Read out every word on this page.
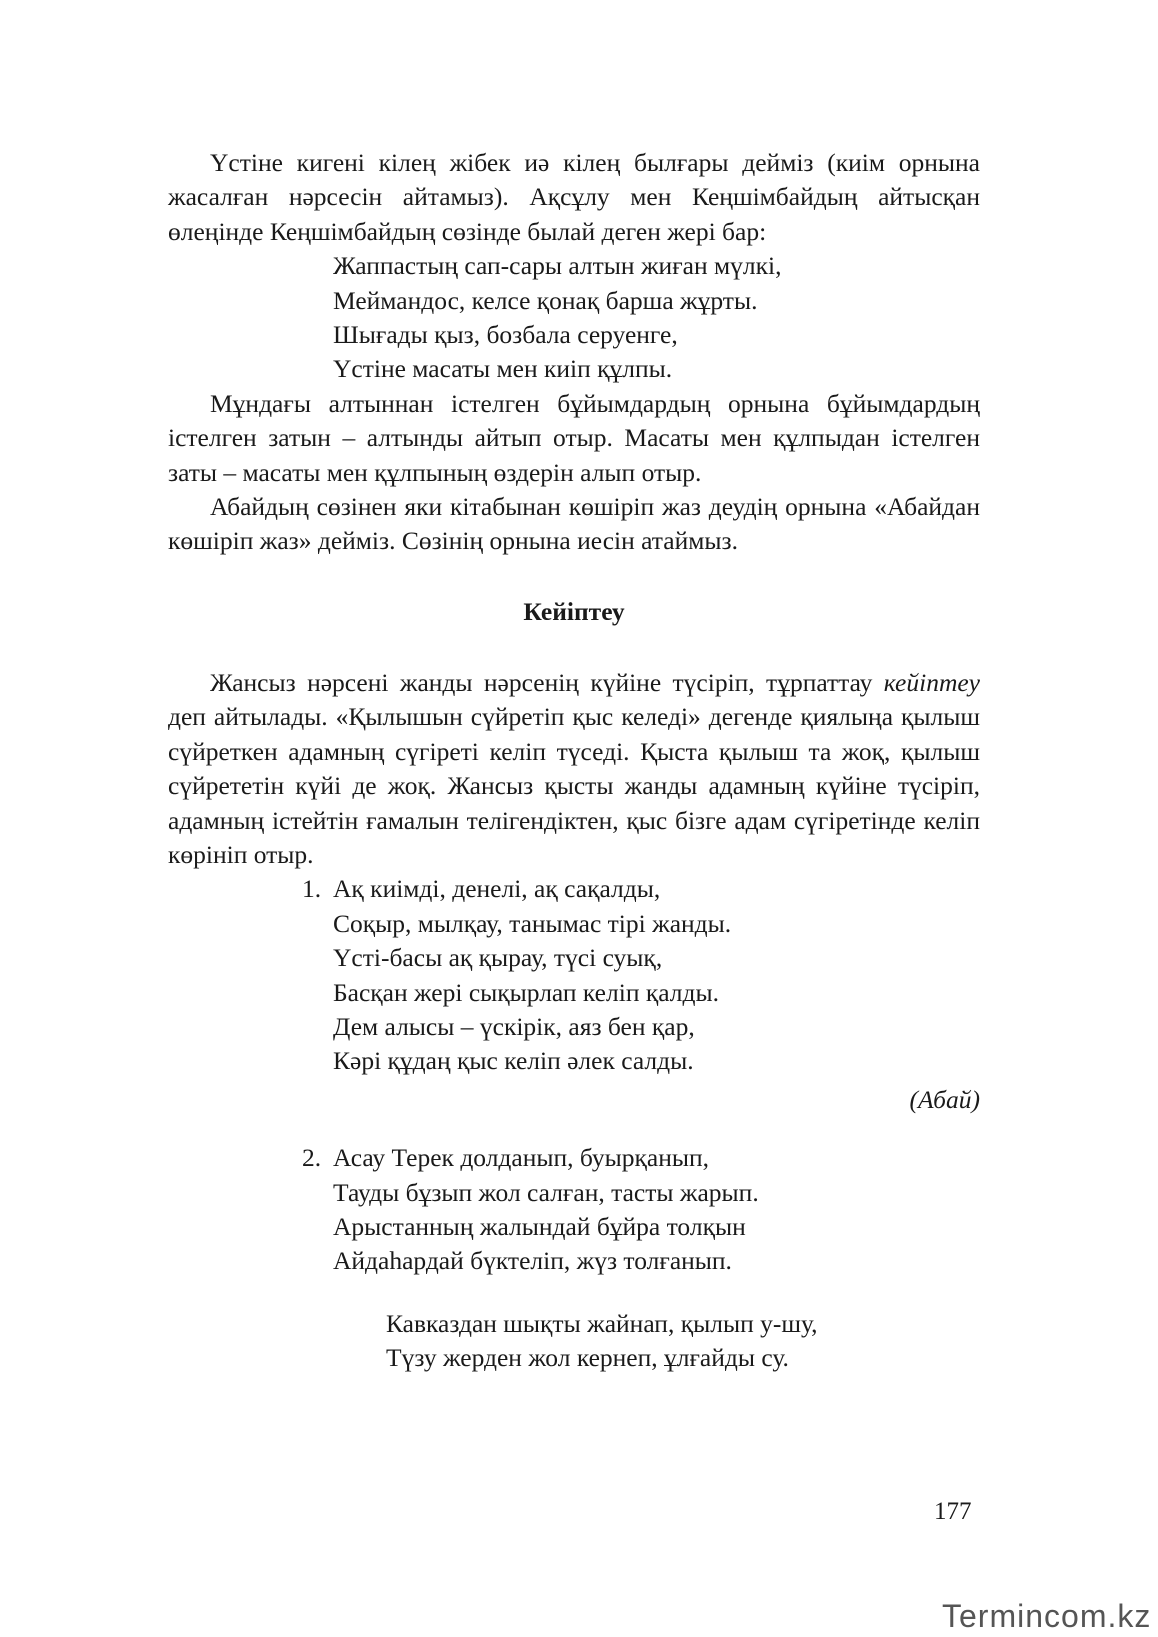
Үстіне кигені кілең жібек иә кілең былғары дейміз (киім орнына жасалған нәрсесін айтамыз). Ақсұлу мен Кеңшімбайдың айтысқан өлеңінде Кеңшімбайдың сөзінде былай деген жері бар:

Жаппастың сап-сары алтын жиған мүлкі,
Меймандос, келсе қонақ барша жұрты.
Шығады қыз, бозбала серуенге,
Үстіне масаты мен киіп құлпы.

Мұндағы алтыннан істелген бұйымдардың орнына бұйымдардың істелген затын – алтынды айтып отыр. Масаты мен құлпыдан істелген заты – масаты мен құлпының өздерін алып отыр.

Абайдың сөзінен яки кітабынан көшіріп жаз деудің орнына «Абайдан көшіріп жаз» дейміз. Сөзінің орнына иесін атаймыз.

Кейіптеу

Жансыз нәрсені жанды нәрсенің күйіне түсіріп, тұрпаттау кейіптеу деп айтылады. «Қылышын сүйретіп қыс келеді» дегенде қиялыңа қылыш сүйреткен адамның сүгіреті келіп түседі. Қыста қылыш та жоқ, қылыш сүйрететін күйі де жоқ. Жансыз қысты жанды адамның күйіне түсіріп, адамның істейтін ғамалын телігендіктен, қыс бізге адам сүгіретінде келіп көрініп отыр.

1. Ақ киімді, денелі, ақ сақалды,
Соқыр, мылқау, танымас тірі жанды.
Үсті-басы ақ қырау, түсі суық,
Басқан жері сықырлап келіп қалды.
Дем алысы – үскірік, аяз бен қар,
Кәрі құдаң қыс келіп әлек салды.
(Абай)
2. Асау Терек долданып, буырқанып,
Тауды бұзып жол салған, тасты жарып.
Арыстанның жалындай бұйра толқын
Айдаһардай бүктеліп, жүз толғанып.
Кавказдан шықты жайнап, қылып у-шу,
Түзу жерден жол кернеп, ұлғайды су.
177
Termincom.kz
